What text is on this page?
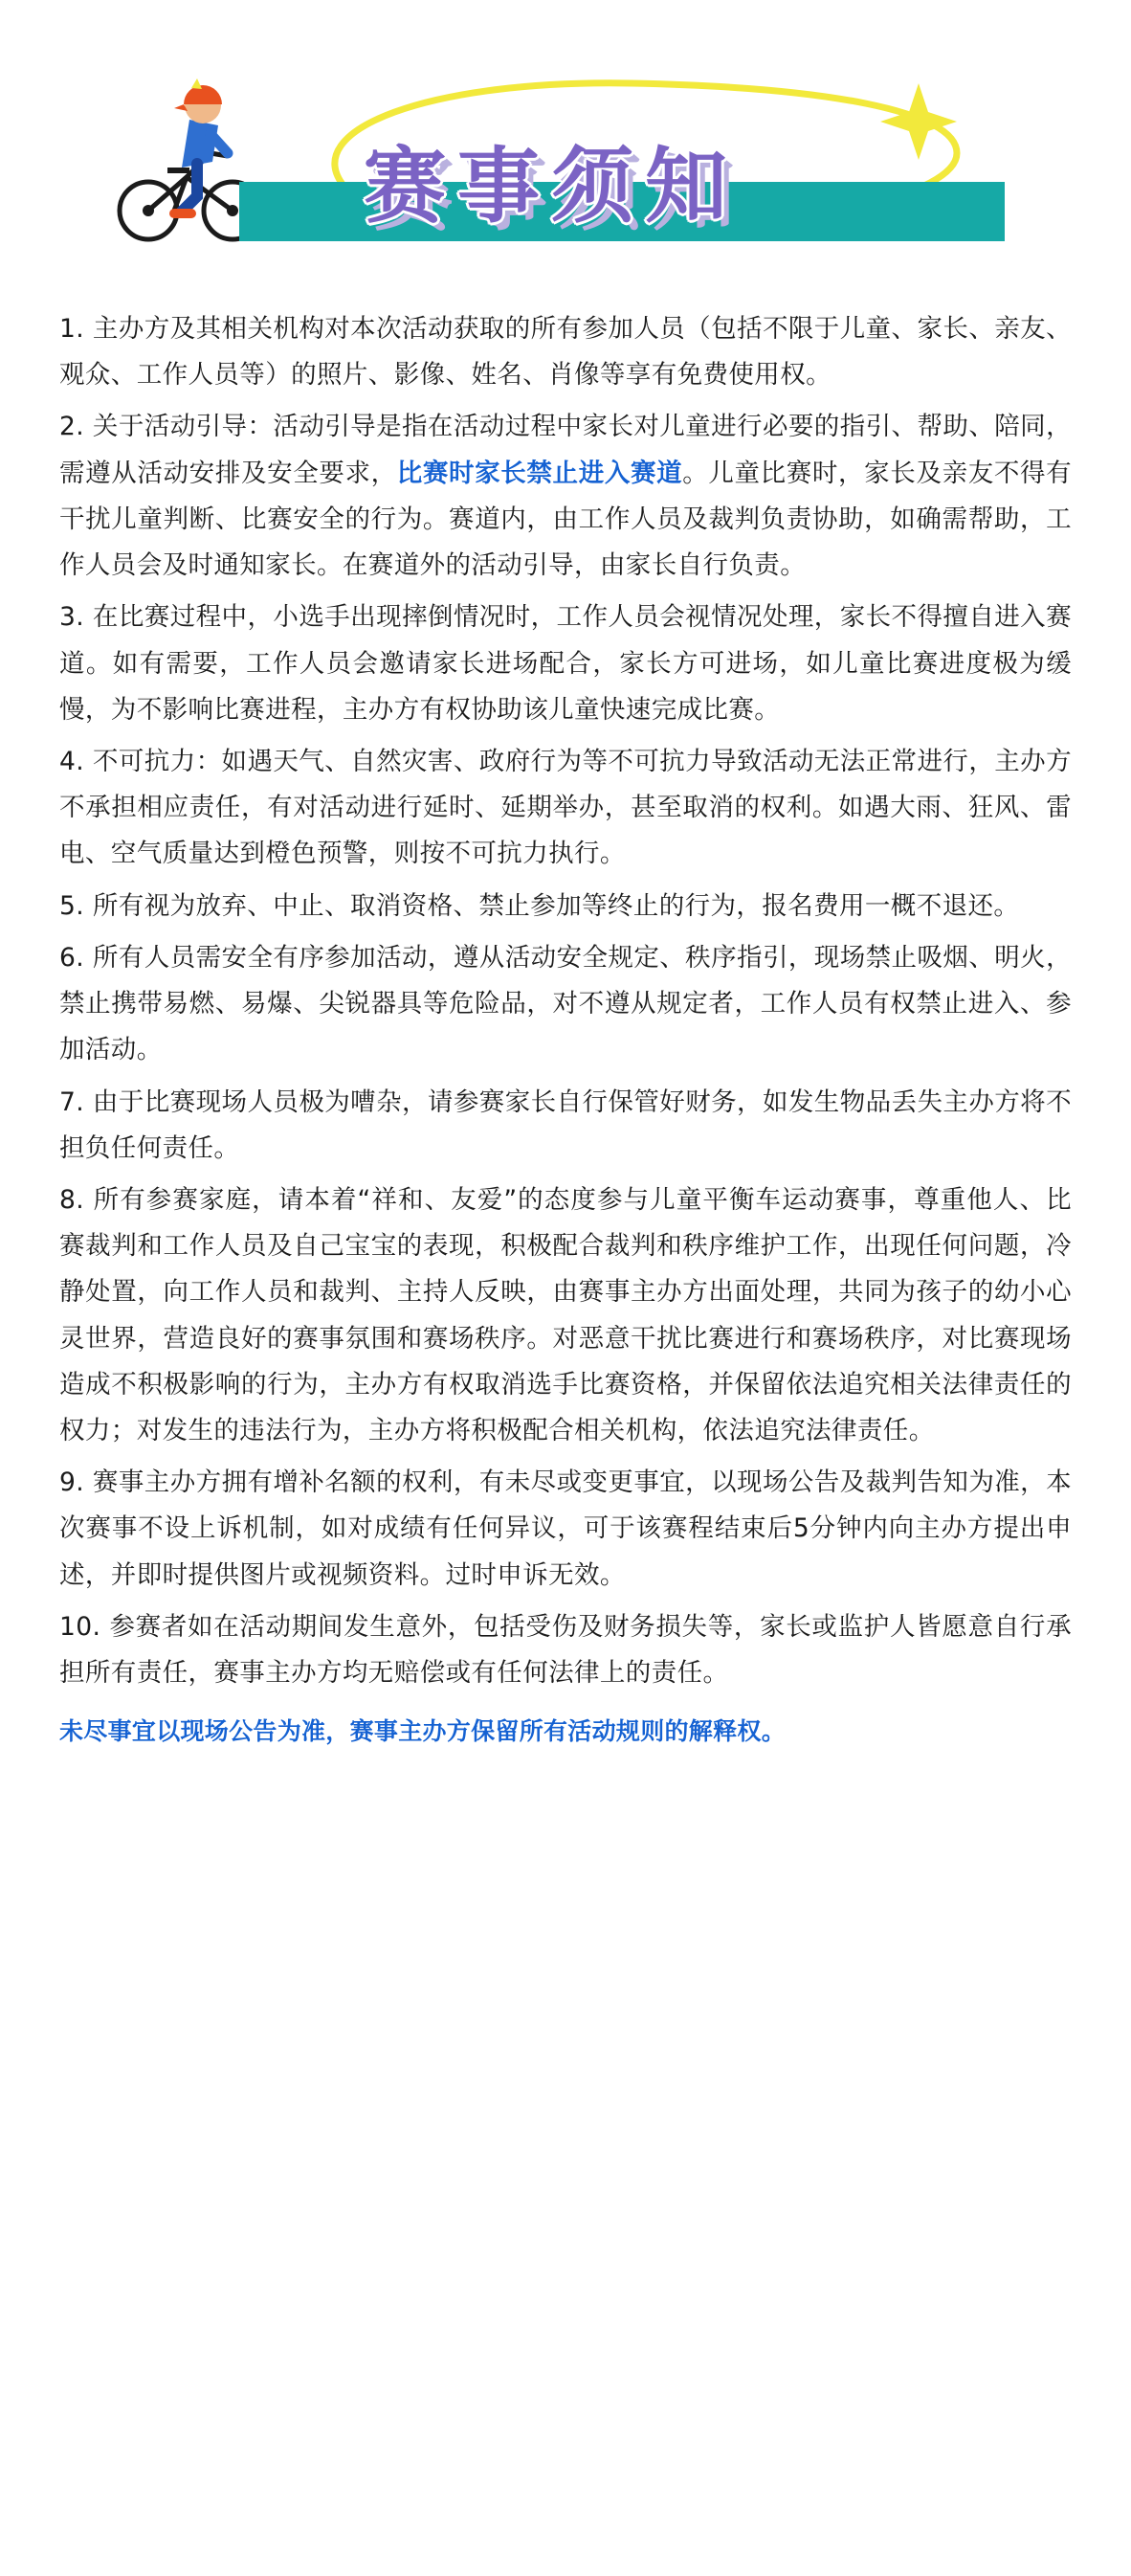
赛事须知

1. 主办方及其相关机构对本次活动获取的所有参加人员（包括不限于儿童、家长、亲友、观众、工作人员等）的照片、影像、姓名、肖像等享有免费使用权。

2. 关于活动引导：活动引导是指在活动过程中家长对儿童进行必要的指引、帮助、陪同，需遵从活动安排及安全要求，比赛时家长禁止进入赛道。儿童比赛时，家长及亲友不得有干扰儿童判断、比赛安全的行为。赛道内，由工作人员及裁判负责协助，如确需帮助，工作人员会及时通知家长。在赛道外的活动引导，由家长自行负责。

3. 在比赛过程中，小选手出现摔倒情况时，工作人员会视情况处理，家长不得擅自进入赛道。如有需要，工作人员会邀请家长进场配合，家长方可进场，如儿童比赛进度极为缓慢，为不影响比赛进程，主办方有权协助该儿童快速完成比赛。

4. 不可抗力：如遇天气、自然灾害、政府行为等不可抗力导致活动无法正常进行，主办方不承担相应责任，有对活动进行延时、延期举办，甚至取消的权利。如遇大雨、狂风、雷电、空气质量达到橙色预警，则按不可抗力执行。

5. 所有视为放弃、中止、取消资格、禁止参加等终止的行为，报名费用一概不退还。

6. 所有人员需安全有序参加活动，遵从活动安全规定、秩序指引，现场禁止吸烟、明火，禁止携带易燃、易爆、尖锐器具等危险品，对不遵从规定者，工作人员有权禁止进入、参加活动。

7. 由于比赛现场人员极为嘈杂，请参赛家长自行保管好财务，如发生物品丢失主办方将不担负任何责任。

8. 所有参赛家庭，请本着“祥和、友爱”的态度参与儿童平衡车运动赛事，尊重他人、比赛裁判和工作人员及自己宝宝的表现，积极配合裁判和秩序维护工作，出现任何问题，冷静处置，向工作人员和裁判、主持人反映，由赛事主办方出面处理，共同为孩子的幼小心灵世界，营造良好的赛事氛围和赛场秩序。对恶意干扰比赛进行和赛场秩序，对比赛现场造成不积极影响的行为，主办方有权取消选手比赛资格，并保留依法追究相关法律责任的权力；对发生的违法行为，主办方将积极配合相关机构，依法追究法律责任。

9. 赛事主办方拥有增补名额的权利，有未尽或变更事宜，以现场公告及裁判告知为准，本次赛事不设上诉机制，如对成绩有任何异议，可于该赛程结束后5分钟内向主办方提出申述，并即时提供图片或视频资料。过时申诉无效。

10. 参赛者如在活动期间发生意外，包括受伤及财务损失等，家长或监护人皆愿意自行承担所有责任，赛事主办方均无赔偿或有任何法律上的责任。

未尽事宜以现场公告为准，赛事主办方保留所有活动规则的解释权。
